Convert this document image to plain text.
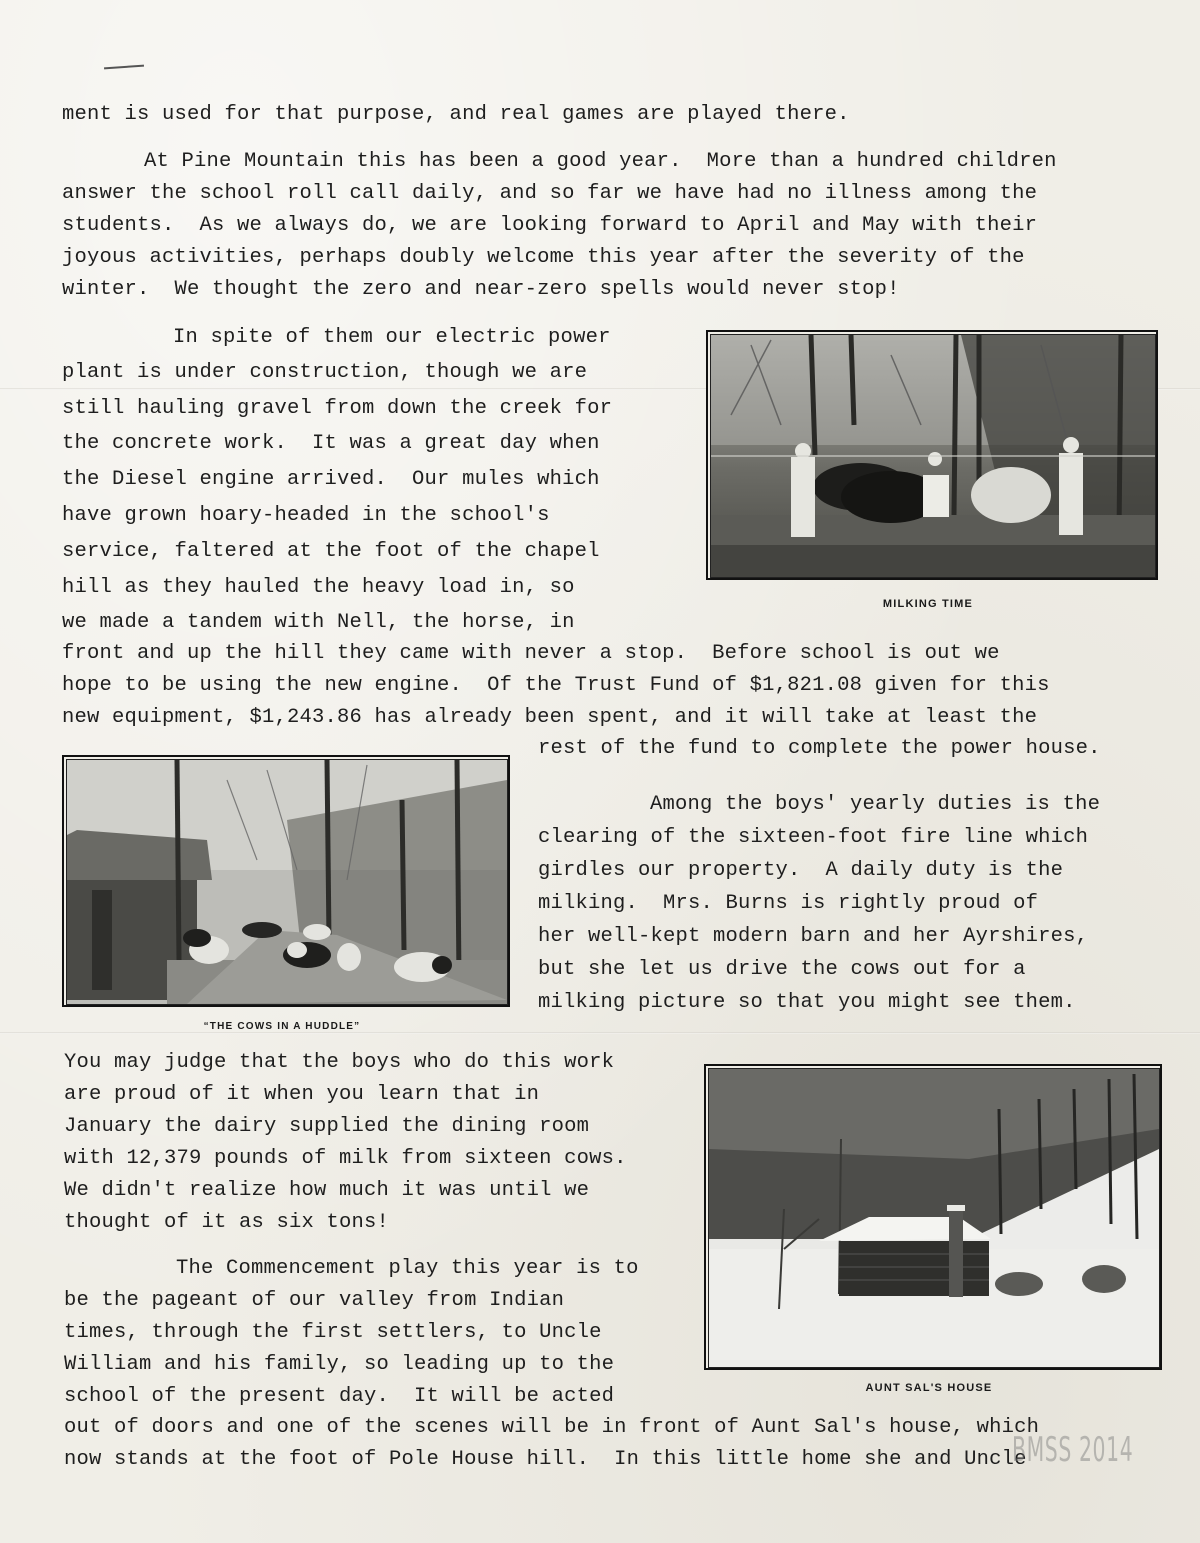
ment is used for that purpose, and real games are played there.
At Pine Mountain this has been a good year.  More than a hundred children
answer the school roll call daily, and so far we have had no illness among the
students.  As we always do, we are looking forward to April and May with their
joyous activities, perhaps doubly welcome this year after the severity of the
winter.  We thought the zero and near-zero spells would never stop!
In spite of them our electric power
plant is under construction, though we are
still hauling gravel from down the creek for
the concrete work.  It was a great day when
the Diesel engine arrived.  Our mules which
have grown hoary-headed in the school's
service, faltered at the foot of the chapel
hill as they hauled the heavy load in, so
we made a tandem with Nell, the horse, in
front and up the hill they came with never a stop.  Before school is out we
hope to be using the new engine.  Of the Trust Fund of $1,821.08 given for this
new equipment, $1,243.86 has already been spent, and it will take at least the
rest of the fund to complete the power house.
MILKING TIME
“THE COWS IN A HUDDLE”
Among the boys' yearly duties is the
clearing of the sixteen-foot fire line which
girdles our property.  A daily duty is the
milking.  Mrs. Burns is rightly proud of
her well-kept modern barn and her Ayrshires,
but she let us drive the cows out for a
milking picture so that you might see them.
You may judge that the boys who do this work
are proud of it when you learn that in
January the dairy supplied the dining room
with 12,379 pounds of milk from sixteen cows.
We didn't realize how much it was until we
thought of it as six tons!
The Commencement play this year is to
be the pageant of our valley from Indian
times, through the first settlers, to Uncle
William and his family, so leading up to the
school of the present day.  It will be acted
out of doors and one of the scenes will be in front of Aunt Sal's house, which
now stands at the foot of Pole House hill.  In this little home she and Uncle
AUNT SAL'S HOUSE
BMSS 2014
